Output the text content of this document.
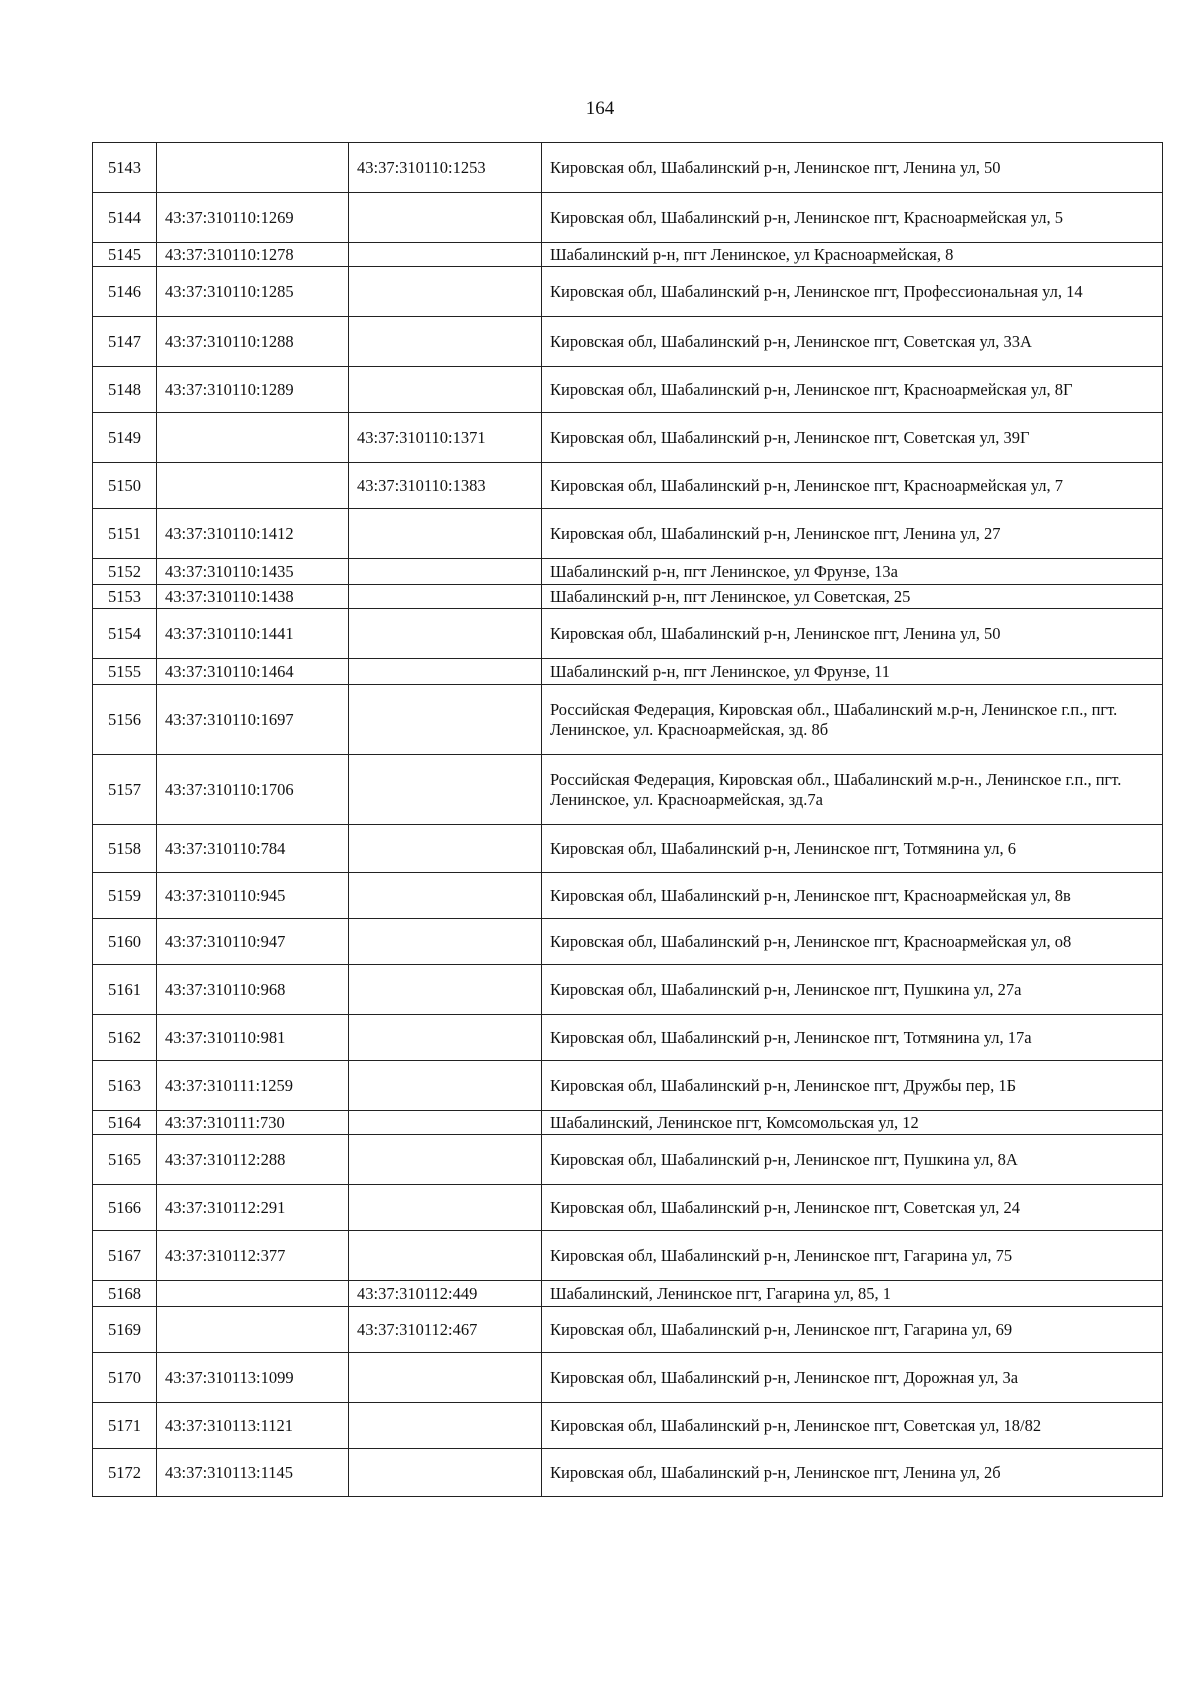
164
5143		43:37:310110:1253	Кировская обл, Шабалинский р-н, Ленинское пгт, Ленина ул, 50
5144	43:37:310110:1269		Кировская обл, Шабалинский р-н, Ленинское пгт, Красноармейская ул, 5
5145	43:37:310110:1278		Шабалинский р-н, пгт Ленинское, ул Красноармейская, 8
5146	43:37:310110:1285		Кировская обл, Шабалинский р-н, Ленинское пгт, Профессиональная ул, 14
5147	43:37:310110:1288		Кировская обл, Шабалинский р-н, Ленинское пгт, Советская ул, 33А
5148	43:37:310110:1289		Кировская обл, Шабалинский р-н, Ленинское пгт, Красноармейская ул, 8Г
5149		43:37:310110:1371	Кировская обл, Шабалинский р-н, Ленинское пгт, Советская ул, 39Г
5150		43:37:310110:1383	Кировская обл, Шабалинский р-н, Ленинское пгт, Красноармейская ул, 7
5151	43:37:310110:1412		Кировская обл, Шабалинский р-н, Ленинское пгт, Ленина ул, 27
5152	43:37:310110:1435		Шабалинский р-н, пгт Ленинское, ул Фрунзе, 13а
5153	43:37:310110:1438		Шабалинский р-н, пгт Ленинское, ул Советская, 25
5154	43:37:310110:1441		Кировская обл, Шабалинский р-н, Ленинское пгт, Ленина ул, 50
5155	43:37:310110:1464		Шабалинский р-н, пгт Ленинское, ул Фрунзе, 11
5156	43:37:310110:1697		Российская Федерация, Кировская обл., Шабалинский м.р-н, Ленинское г.п., пгт. Ленинское, ул. Красноармейская, зд. 8б
5157	43:37:310110:1706		Российская Федерация, Кировская обл., Шабалинский м.р-н., Ленинское г.п., пгт. Ленинское, ул. Красноармейская, зд.7а
5158	43:37:310110:784		Кировская обл, Шабалинский р-н, Ленинское пгт, Тотмянина ул, 6
5159	43:37:310110:945		Кировская обл, Шабалинский р-н, Ленинское пгт, Красноармейская ул, 8в
5160	43:37:310110:947		Кировская обл, Шабалинский р-н, Ленинское пгт, Красноармейская ул, о8
5161	43:37:310110:968		Кировская обл, Шабалинский р-н, Ленинское пгт, Пушкина ул, 27а
5162	43:37:310110:981		Кировская обл, Шабалинский р-н, Ленинское пгт, Тотмянина ул, 17а
5163	43:37:310111:1259		Кировская обл, Шабалинский р-н, Ленинское пгт, Дружбы пер, 1Б
5164	43:37:310111:730		Шабалинский, Ленинское пгт, Комсомольская ул, 12
5165	43:37:310112:288		Кировская обл, Шабалинский р-н, Ленинское пгт, Пушкина ул, 8А
5166	43:37:310112:291		Кировская обл, Шабалинский р-н, Ленинское пгт, Советская ул, 24
5167	43:37:310112:377		Кировская обл, Шабалинский р-н, Ленинское пгт, Гагарина ул, 75
5168		43:37:310112:449	Шабалинский, Ленинское пгт, Гагарина ул, 85, 1
5169		43:37:310112:467	Кировская обл, Шабалинский р-н, Ленинское пгт, Гагарина ул, 69
5170	43:37:310113:1099		Кировская обл, Шабалинский р-н, Ленинское пгт, Дорожная ул, 3а
5171	43:37:310113:1121		Кировская обл, Шабалинский р-н, Ленинское пгт, Советская ул, 18/82
5172	43:37:310113:1145		Кировская обл, Шабалинский р-н, Ленинское пгт, Ленина ул, 2б
